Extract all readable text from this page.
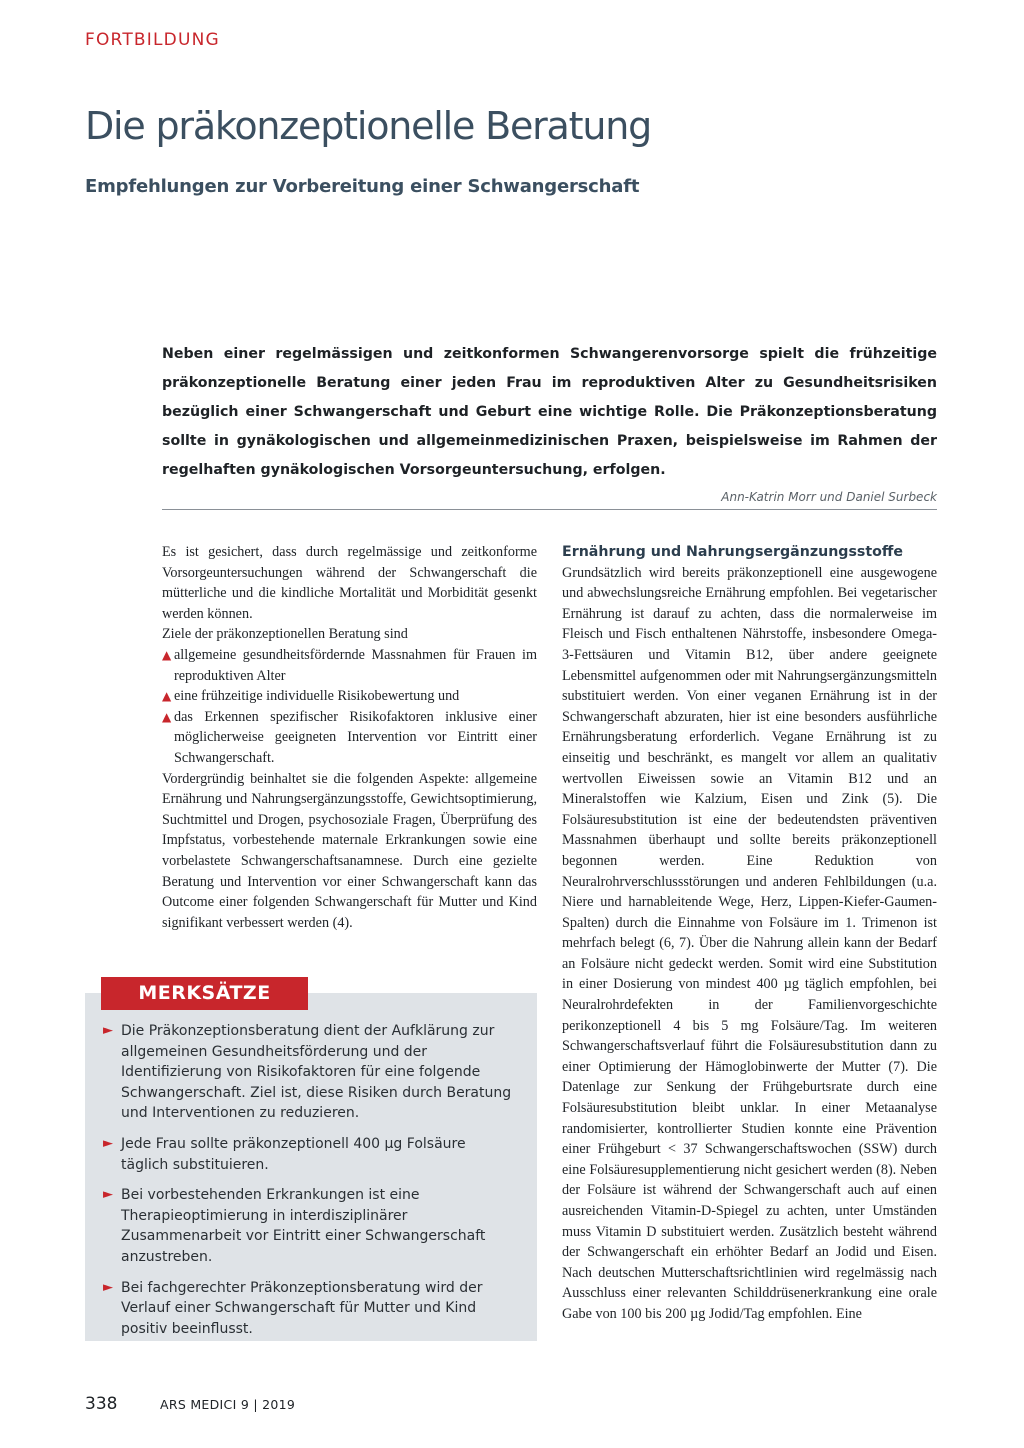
FORTBILDUNG
Die präkonzeptionelle Beratung
Empfehlungen zur Vorbereitung einer Schwangerschaft

Neben einer regelmässigen und zeitkonformen Schwangerenvorsorge spielt die frühzeitige präkonzeptionelle Beratung einer jeden Frau im reproduktiven Alter zu Gesundheitsrisiken bezüglich einer Schwangerschaft und Geburt eine wichtige Rolle. Die Präkonzeptionsberatung sollte in gynäkologischen und allgemeinmedizinischen Praxen, beispielsweise im Rahmen der regelhaften gynäkologischen Vorsorgeuntersuchung, erfolgen.

Ann-Katrin Morr und Daniel Surbeck

Es ist gesichert, dass durch regelmässige und zeitkonforme Vorsorgeuntersuchungen während der Schwangerschaft die mütterliche und die kindliche Mortalität und Morbidität gesenkt werden können.

Ziele der präkonzeptionellen Beratung sind

▲ allgemeine gesundheitsfördernde Massnahmen für Frauen im reproduktiven Alter
▲ eine frühzeitige individuelle Risikobewertung und
▲ das Erkennen spezifischer Risikofaktoren inklusive einer möglicherweise geeigneten Intervention vor Eintritt einer Schwangerschaft.

Vordergründig beinhaltet sie die folgenden Aspekte: allgemeine Ernährung und Nahrungsergänzungsstoffe, Gewichtsoptimierung, Suchtmittel und Drogen, psychosoziale Fragen, Überprüfung des Impfstatus, vorbestehende maternale Erkrankungen sowie eine vorbelastete Schwangerschaftsanamnese. Durch eine gezielte Beratung und Intervention vor einer Schwangerschaft kann das Outcome einer folgenden Schwangerschaft für Mutter und Kind signifikant verbessert werden (4).

MERKSÄTZE
► Die Präkonzeptionsberatung dient der Aufklärung zur allgemeinen Gesundheitsförderung und der Identifizierung von Risikofaktoren für eine folgende Schwangerschaft. Ziel ist, diese Risiken durch Beratung und Interventionen zu reduzieren.
► Jede Frau sollte präkonzeptionell 400 µg Folsäure täglich substituieren.
► Bei vorbestehenden Erkrankungen ist eine Therapieoptimierung in interdisziplinärer Zusammenarbeit vor Eintritt einer Schwangerschaft anzustreben.
► Bei fachgerechter Präkonzeptionsberatung wird der Verlauf einer Schwangerschaft für Mutter und Kind positiv beeinflusst.
Ernährung und Nahrungsergänzungsstoffe

Grundsätzlich wird bereits präkonzeptionell eine ausgewogene und abwechslungsreiche Ernährung empfohlen. Bei vegetarischer Ernährung ist darauf zu achten, dass die normalerweise im Fleisch und Fisch enthaltenen Nährstoffe, insbesondere Omega-3-Fettsäuren und Vitamin B12, über andere geeignete Lebensmittel aufgenommen oder mit Nahrungsergänzungsmitteln substituiert werden. Von einer veganen Ernährung ist in der Schwangerschaft abzuraten, hier ist eine besonders ausführliche Ernährungsberatung erforderlich. Vegane Ernährung ist zu einseitig und beschränkt, es mangelt vor allem an qualitativ wertvollen Eiweissen sowie an Vitamin B12 und an Mineralstoffen wie Kalzium, Eisen und Zink (5). Die Folsäuresubstitution ist eine der bedeutendsten präventiven Massnahmen überhaupt und sollte bereits präkonzeptionell begonnen werden. Eine Reduktion von Neuralrohrverschlussstörungen und anderen Fehlbildungen (u.a. Niere und harnableitende Wege, Herz, Lippen-Kiefer-Gaumen-Spalten) durch die Einnahme von Folsäure im 1. Trimenon ist mehrfach belegt (6, 7). Über die Nahrung allein kann der Bedarf an Folsäure nicht gedeckt werden. Somit wird eine Substitution in einer Dosierung von mindest 400 µg täglich empfohlen, bei Neuralrohrdefekten in der Familienvorgeschichte perikonzeptionell 4 bis 5 mg Folsäure/Tag. Im weiteren Schwangerschaftsverlauf führt die Folsäuresubstitution dann zu einer Optimierung der Hämoglobinwerte der Mutter (7). Die Datenlage zur Senkung der Frühgeburtsrate durch eine Folsäuresubstitution bleibt unklar. In einer Metaanalyse randomisierter, kontrollierter Studien konnte eine Prävention einer Frühgeburt < 37 Schwangerschaftswochen (SSW) durch eine Folsäuresupplementierung nicht gesichert werden (8). Neben der Folsäure ist während der Schwangerschaft auch auf einen ausreichenden Vitamin-D-Spiegel zu achten, unter Umständen muss Vitamin D substituiert werden. Zusätzlich besteht während der Schwangerschaft ein erhöhter Bedarf an Jodid und Eisen. Nach deutschen Mutterschaftsrichtlinien wird regelmässig nach Ausschluss einer relevanten Schilddrüsenerkrankung eine orale Gabe von 100 bis 200 µg Jodid/Tag empfohlen. Eine

338	ARS MEDICI 9 | 2019
